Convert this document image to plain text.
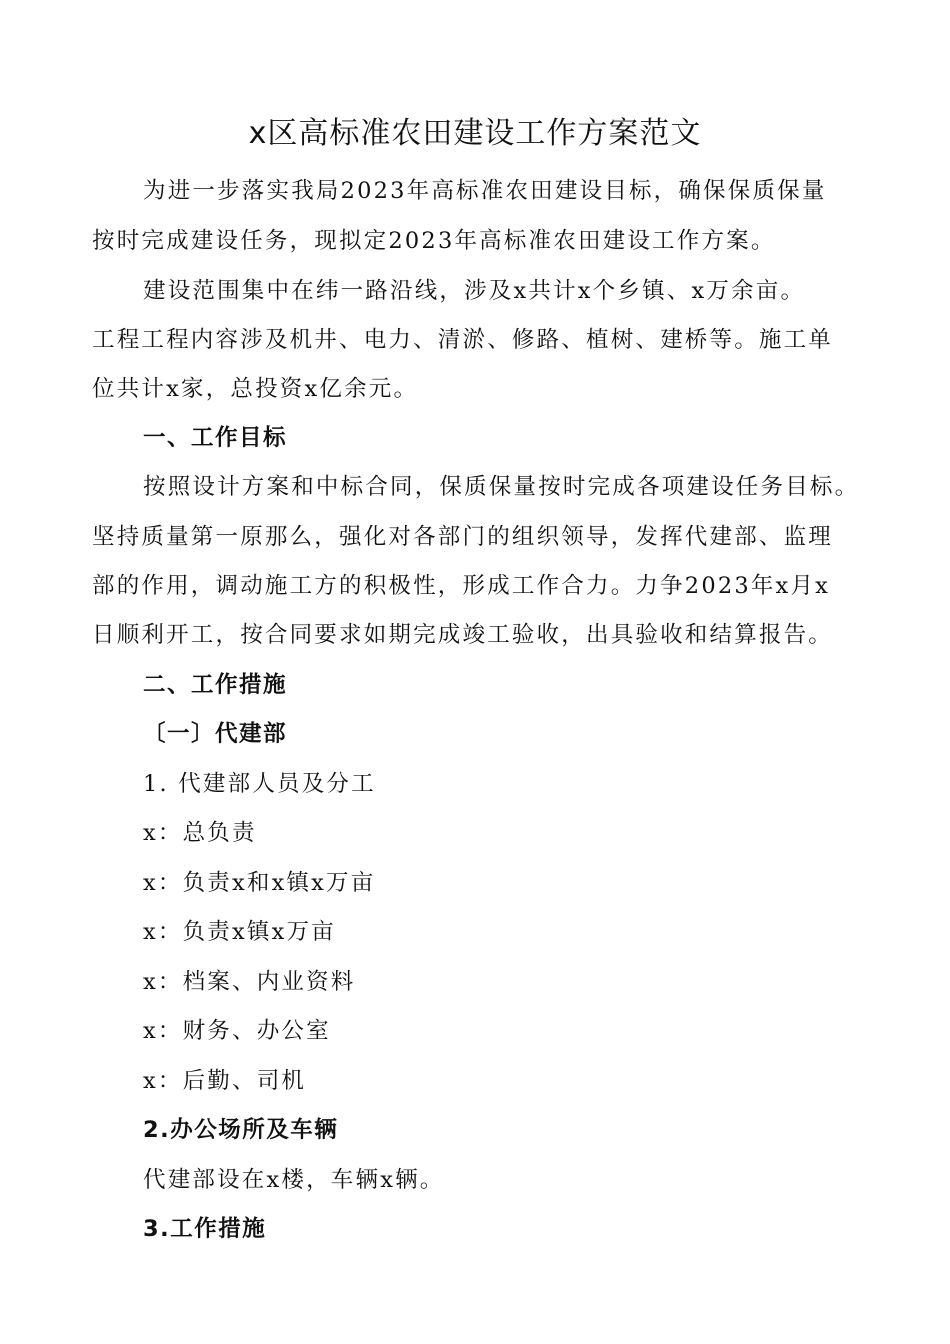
x区高标准农田建设工作方案范文
为进一步落实我局2023年高标准农田建设目标，确保保质保量
按时完成建设任务，现拟定2023年高标准农田建设工作方案。
建设范围集中在纬一路沿线，涉及x共计x个乡镇、x万余亩。
工程工程内容涉及机井、电力、清淤、修路、植树、建桥等。施工单
位共计x家，总投资x亿余元。
一、工作目标
按照设计方案和中标合同，保质保量按时完成各项建设任务目标。
坚持质量第一原那么，强化对各部门的组织领导，发挥代建部、监理
部的作用，调动施工方的积极性，形成工作合力。力争2023年x月x
日顺利开工，按合同要求如期完成竣工验收，出具验收和结算报告。
二、工作措施
〔一〕代建部
1. 代建部人员及分工
x：总负责
x：负责x和x镇x万亩
x：负责x镇x万亩
x：档案、内业资料
x：财务、办公室
x：后勤、司机
2.办公场所及车辆
代建部设在x楼，车辆x辆。
3.工作措施
